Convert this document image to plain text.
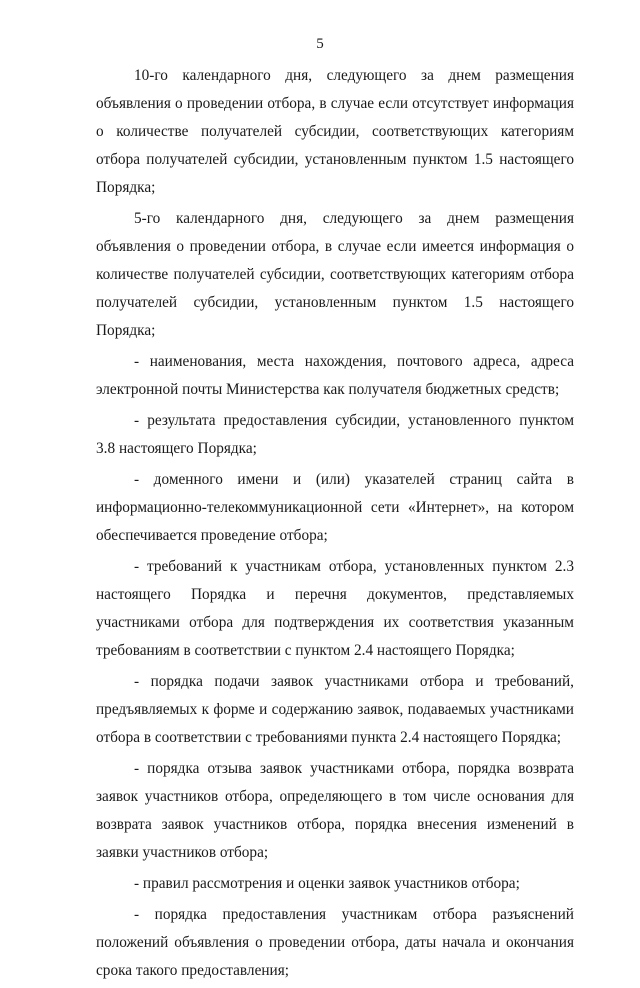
5

10-го календарного дня, следующего за днем размещения объявления о проведении отбора, в случае если отсутствует информация о количестве получателей субсидии, соответствующих категориям отбора получателей субсидии, установленным пунктом 1.5 настоящего Порядка;

5-го календарного дня, следующего за днем размещения объявления о проведении отбора, в случае если имеется информация о количестве получателей субсидии, соответствующих категориям отбора получателей субсидии, установленным пунктом 1.5 настоящего Порядка;

- наименования, места нахождения, почтового адреса, адреса электронной почты Министерства как получателя бюджетных средств;

- результата предоставления субсидии, установленного пунктом 3.8 настоящего Порядка;

- доменного имени и (или) указателей страниц сайта в информационно-телекоммуникационной сети «Интернет», на котором обеспечивается проведение отбора;

- требований к участникам отбора, установленных пунктом 2.3 настоящего Порядка и перечня документов, представляемых участниками отбора для подтверждения их соответствия указанным требованиям в соответствии с пунктом 2.4 настоящего Порядка;

- порядка подачи заявок участниками отбора и требований, предъявляемых к форме и содержанию заявок, подаваемых участниками отбора в соответствии с требованиями пункта 2.4 настоящего Порядка;

- порядка отзыва заявок участниками отбора, порядка возврата заявок участников отбора, определяющего в том числе основания для возврата заявок участников отбора, порядка внесения изменений в заявки участников отбора;

- правил рассмотрения и оценки заявок участников отбора;

- порядка предоставления участникам отбора разъяснений положений объявления о проведении отбора, даты начала и окончания срока такого предоставления;
